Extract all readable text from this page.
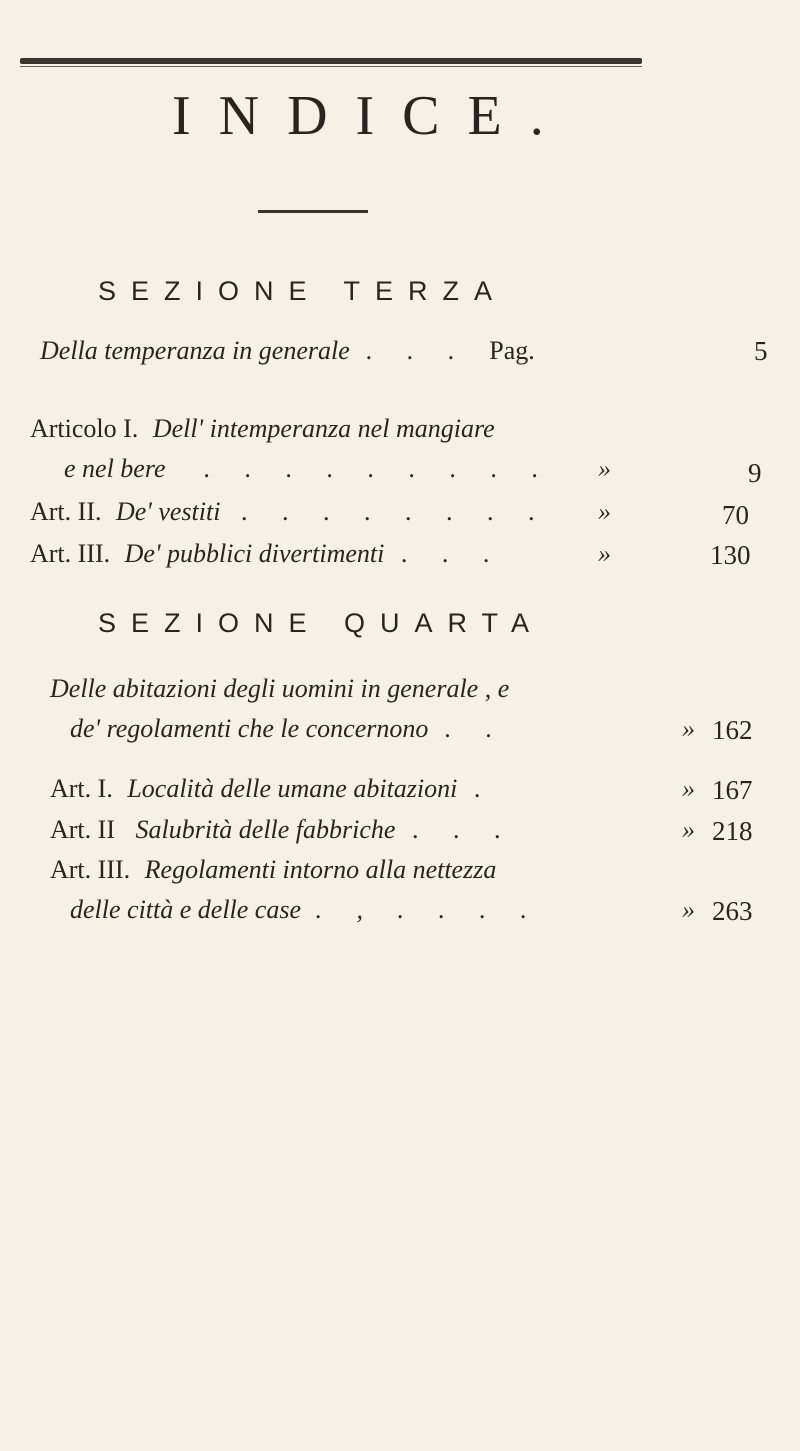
INDICE.
SEZIONE TERZA
Della temperanza in generale . . . Pag.	5
Articolo I. Dell' intemperanza nel mangiare
e nel bere . . . . . . . . . »	9
Art. II. De' vestiti . . . . . . . . »	70
Art. III. De' pubblici divertimenti . . .	»	130
SEZIONE QUARTA
Delle abitazioni degli uomini in generale , e
de' regolamenti che le concernono . .	» 162
Art. I. Località delle umane abitazioni .	» 167
Art. II Salubrità delle fabbriche . . .	» 218
Art. III. Regolamenti intorno alla nettezza
delle città e delle case . , . . . .	» 263
